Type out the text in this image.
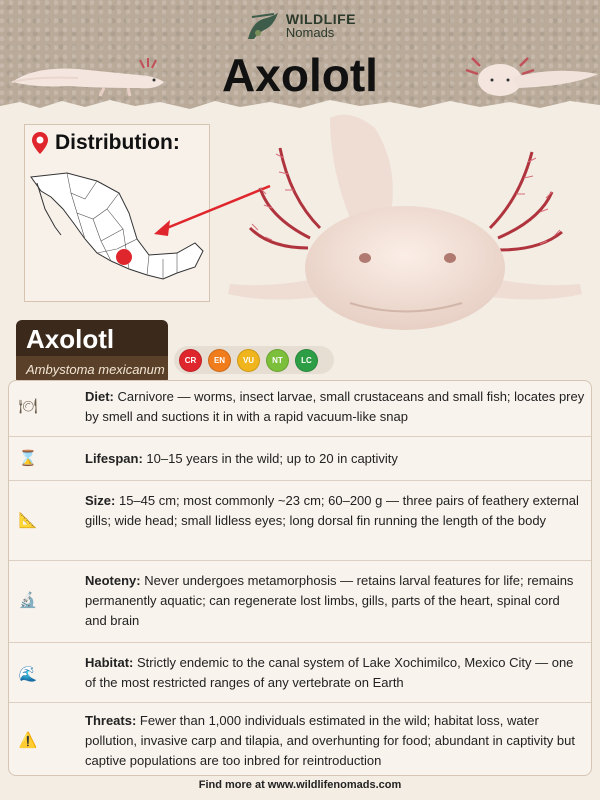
WILDLIFE
Nomads
Axolotl
Distribution:
Axolotl
Ambystoma mexicanum
CR EN VU NT LC
🍽
Diet: Carnivore — worms, insect larvae, small crustaceans and small fish; locates prey by smell and suctions it in with a rapid vacuum-like snap
⌛	Lifespan: 10–15 years in the wild; up to 20 in captivity
📐
Size: 15–45 cm; most commonly ~23 cm; 60–200 g — three pairs of feathery external gills; wide head; small lidless eyes; long dorsal fin running the length of the body
🔬
Neoteny: Never undergoes metamorphosis — retains larval features for life; remains permanently aquatic; can regenerate lost limbs, gills, parts of the heart, spinal cord and brain
🌊
Habitat: Strictly endemic to the canal system of Lake Xochimilco, Mexico City — one of the most restricted ranges of any vertebrate on Earth
⚠️
Threats: Fewer than 1,000 individuals estimated in the wild; habitat loss, water pollution, invasive carp and tilapia, and overhunting for food; abundant in captivity but captive populations are too inbred for reintroduction
Find more at www.wildlifenomads.com
